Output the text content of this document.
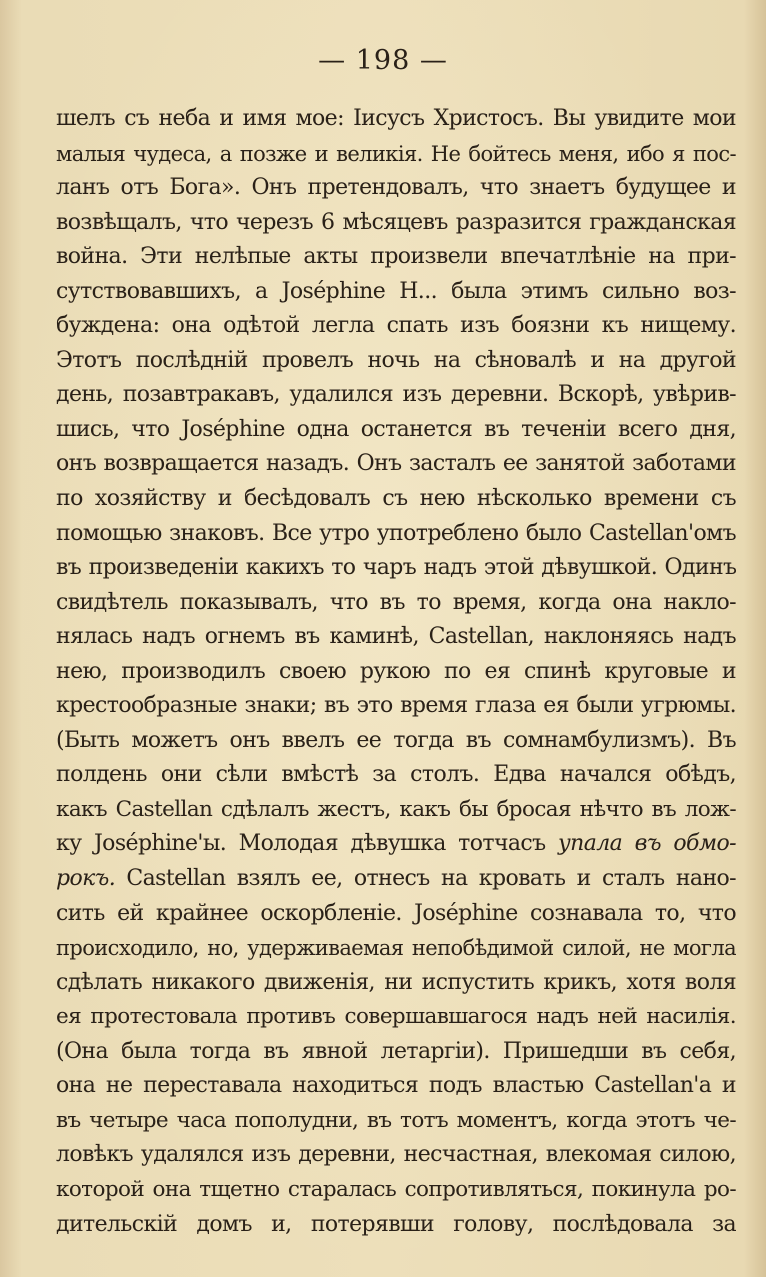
— 198 —
шелъ съ неба и имя мое: Iисусъ Христосъ. Вы увидите мои
малыя чудеса, а позже и великiя. Не бойтесь меня, ибо я пос-
ланъ отъ Бога». Онъ претендовалъ, что знаетъ будущее и
возвѣщалъ, что черезъ 6 мѣсяцевъ разразится гражданская
война. Эти нелѣпые акты произвели впечатлѣнiе на при-
сутствовавшихъ, а Joséphine H... была этимъ сильно воз-
буждена: она одѣтой легла спать изъ боязни къ нищему.
Этотъ послѣднiй провелъ ночь на сѣновалѣ и на другой
день, позавтракавъ, удалился изъ деревни. Вскорѣ, увѣрив-
шись, что Joséphine одна останется въ теченiи всего дня,
онъ возвращается назадъ. Онъ засталъ ее занятой заботами
по хозяйству и бесѣдовалъ съ нею нѣсколько времени съ
помощью знаковъ. Все утро употреблено было Castellan'омъ
въ произведенiи какихъ то чаръ надъ этой дѣвушкой. Одинъ
свидѣтель показывалъ, что въ то время, когда она накло-
нялась надъ огнемъ въ каминѣ, Castellan, наклоняясь надъ
нею, производилъ своею рукою по ея спинѣ круговые и
крестообразные знаки; въ это время глаза ея были угрюмы.
(Быть можетъ онъ ввелъ ее тогда въ сомнамбулизмъ). Въ
полдень они сѣли вмѣстѣ за столъ. Едва начался обѣдъ,
какъ Castellan сдѣлалъ жестъ, какъ бы бросая нѣчто въ лож-
ку Joséphine'ы. Молодая дѣвушка тотчасъ упала въ обмо-
рокъ. Castellan взялъ ее, отнесъ на кровать и сталъ нано-
сить ей крайнее оскорбленiе. Joséphine сознавала то, что
происходило, но, удерживаемая непобѣдимой силой, не могла
сдѣлать никакого движенiя, ни испустить крикъ, хотя воля
ея протестовала противъ совершавшагося надъ ней насилiя.
(Она была тогда въ явной летаргiи). Пришедши въ себя,
она не переставала находиться подъ властью Castellan'a и
въ четыре часа пополудни, въ тотъ моментъ, когда этотъ че-
ловѣкъ удалялся изъ деревни, несчастная, влекомая силою,
которой она тщетно старалась сопротивляться, покинула ро-
дительскiй домъ и, потерявши голову, послѣдовала за
